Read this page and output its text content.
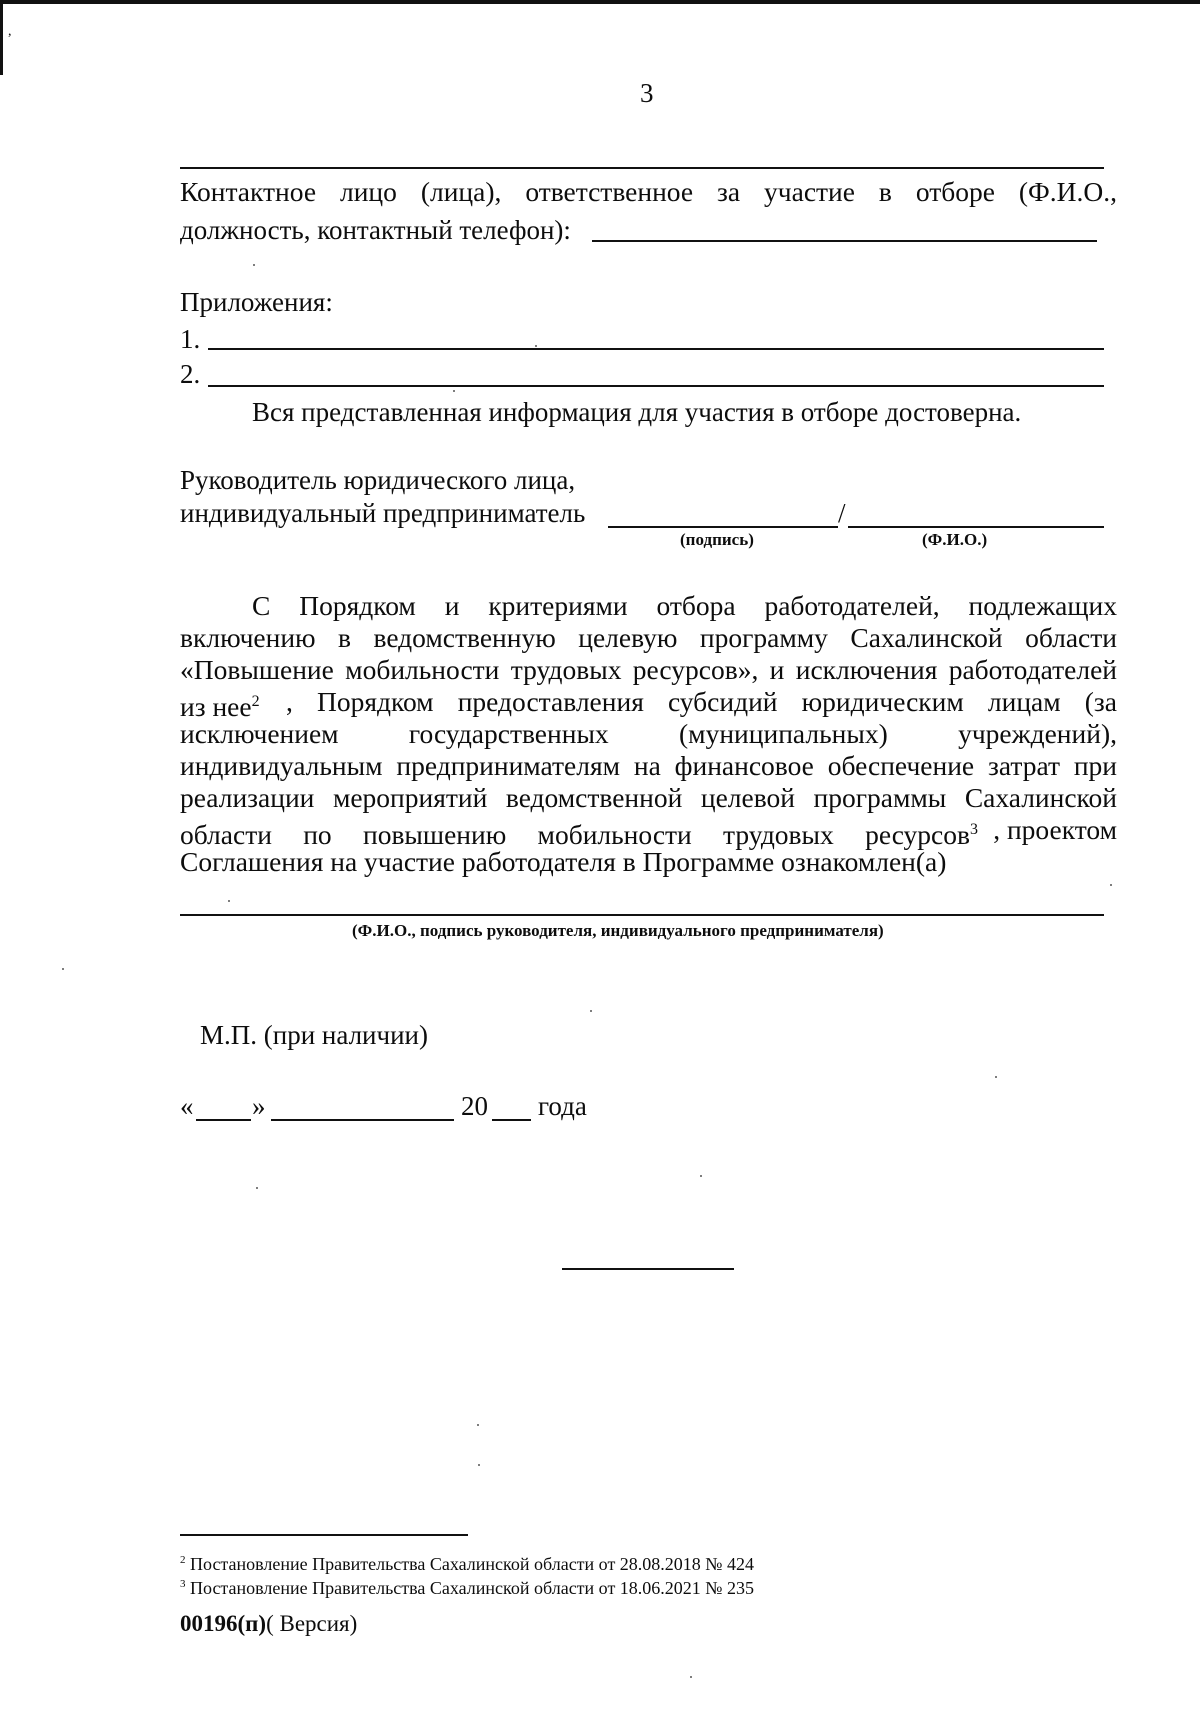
,
3
Контактное лицо (лица), ответственное за участие в отборе (Ф.И.О.,
должность, контактный телефон):
Приложения:
1.
2.
Вся представленная информация для участия в отборе достоверна.
Руководитель юридического лица,
индивидуальный предприниматель	/
(подпись)	(Ф.И.О.)
С Порядком и критериями отбора работодателей, подлежащих
включению в ведомственную целевую программу Сахалинской области
«Повышение мобильности трудовых ресурсов», и исключения работодателей
из нее$^2$ , Порядком предоставления субсидий юридическим лицам (за
исключением государственных (муниципальных) учреждений),
индивидуальным предпринимателям на финансовое обеспечение затрат при
реализации мероприятий ведомственной целевой программы Сахалинской
области по повышению мобильности трудовых ресурсов$^3$ , проектом
Соглашения на участие работодателя в Программе ознакомлен(а)
(Ф.И.О., подпись руководителя, индивидуального предпринимателя)
М.П. (при наличии)
« »	20 года
$^2$ Постановление Правительства Сахалинской области от 28.08.2018 № 424
$^3$ Постановление Правительства Сахалинской области от 18.06.2021 № 235
00196(п)( Версия)
